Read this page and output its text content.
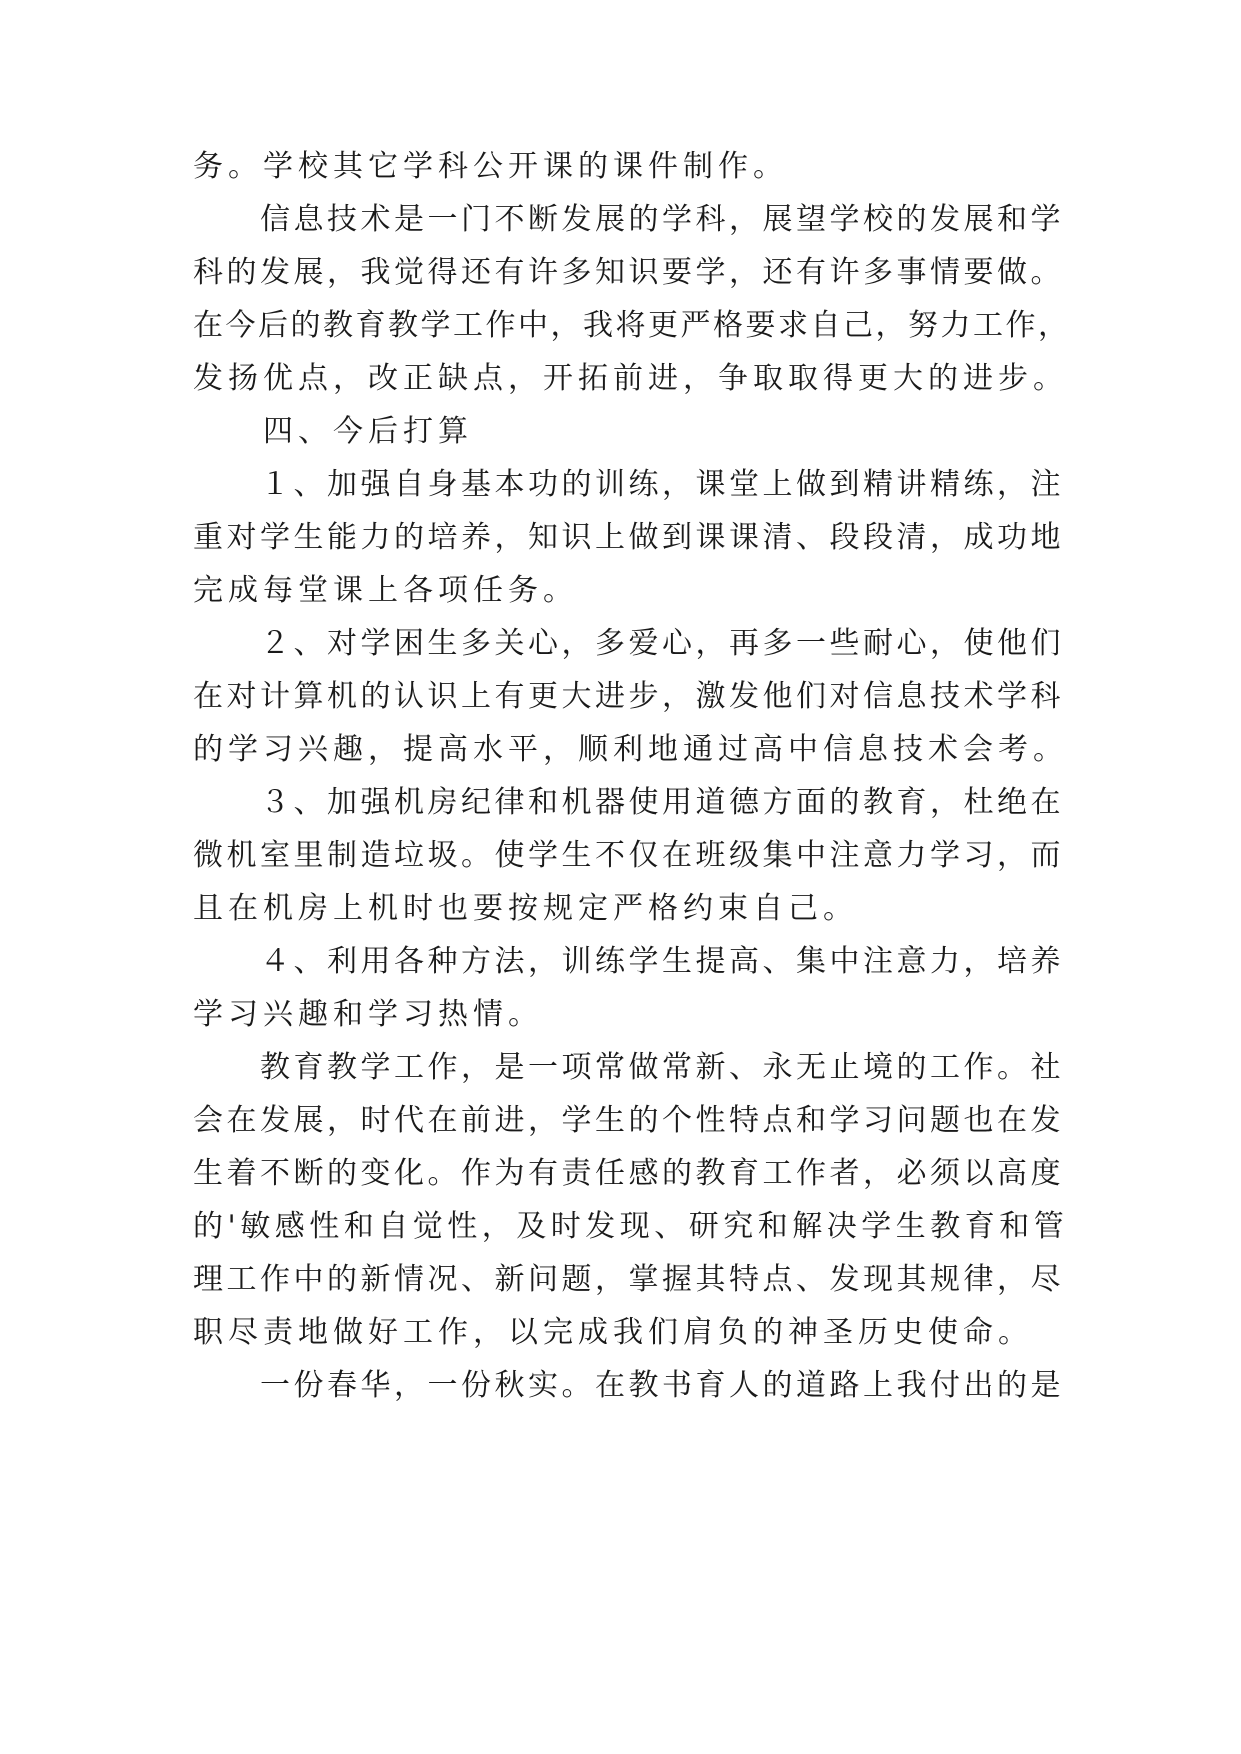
务。学校其它学科公开课的课件制作。
　　信息技术是一门不断发展的学科，展望学校的发展和学
科的发展，我觉得还有许多知识要学，还有许多事情要做。
在今后的教育教学工作中，我将更严格要求自己，努力工作，
发扬优点，改正缺点，开拓前进，争取取得更大的进步。
　　四、今后打算
　　１、加强自身基本功的训练，课堂上做到精讲精练，注
重对学生能力的培养，知识上做到课课清、段段清，成功地
完成每堂课上各项任务。
　　２、对学困生多关心，多爱心，再多一些耐心，使他们
在对计算机的认识上有更大进步，激发他们对信息技术学科
的学习兴趣，提高水平，顺利地通过高中信息技术会考。
　　３、加强机房纪律和机器使用道德方面的教育，杜绝在
微机室里制造垃圾。使学生不仅在班级集中注意力学习，而
且在机房上机时也要按规定严格约束自己。
　　４、利用各种方法，训练学生提高、集中注意力，培养
学习兴趣和学习热情。
　　教育教学工作，是一项常做常新、永无止境的工作。社
会在发展，时代在前进，学生的个性特点和学习问题也在发
生着不断的变化。作为有责任感的教育工作者，必须以高度
的'敏感性和自觉性，及时发现、研究和解决学生教育和管
理工作中的新情况、新问题，掌握其特点、发现其规律，尽
职尽责地做好工作，以完成我们肩负的神圣历史使命。
　　一份春华，一份秋实。在教书育人的道路上我付出的是
